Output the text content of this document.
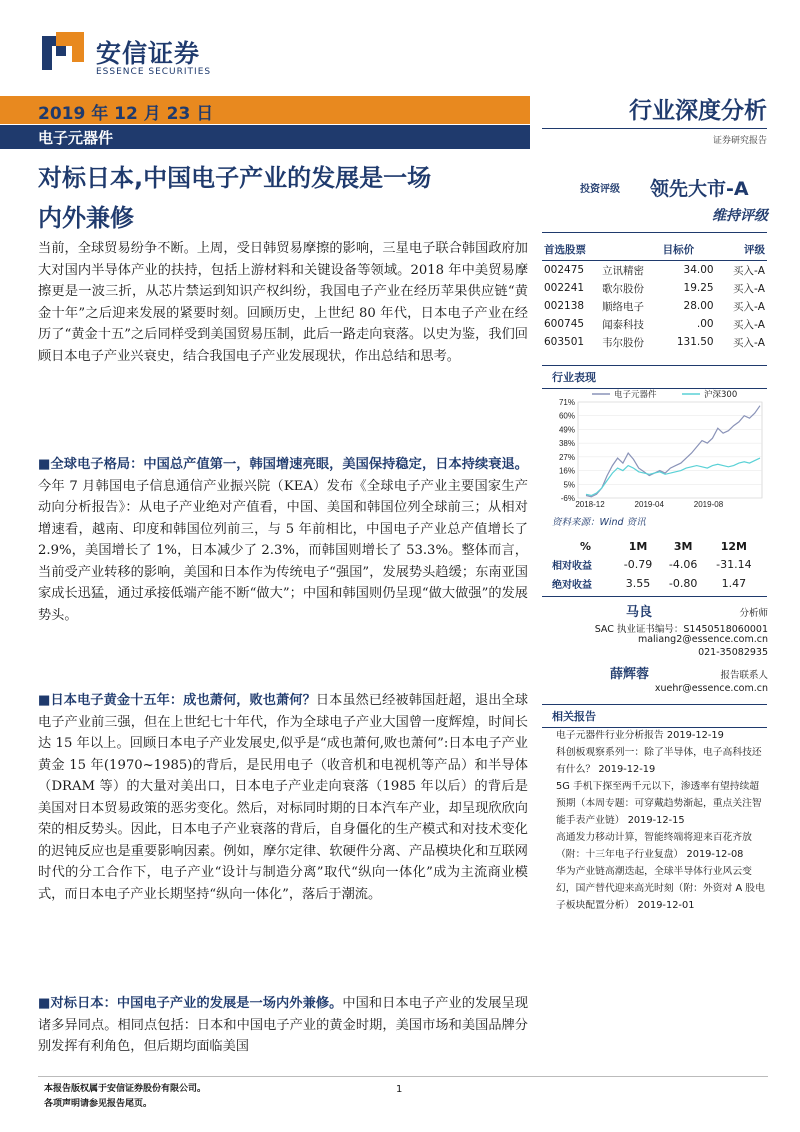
安信证券
ESSENCE SECURITIES
2019 年 12 月 23 日
电子元器件
行业深度分析
证券研究报告
对标日本,中国电子产业的发展是一场
内外兼修
当前，全球贸易纷争不断。上周，受日韩贸易摩擦的影响，三星电子联合韩国政府加大对国内半导体产业的扶持，包括上游材料和关键设备等领域。2018 年中美贸易摩擦更是一波三折，从芯片禁运到知识产权纠纷，我国电子产业在经历苹果供应链“黄金十年”之后迎来发展的紧要时刻。回顾历史，上世纪 80 年代，日本电子产业在经历了“黄金十五”之后同样受到美国贸易压制，此后一路走向衰落。以史为鉴，我们回顾日本电子产业兴衰史，结合我国电子产业发展现状，作出总结和思考。
■全球电子格局：中国总产值第一，韩国增速亮眼，美国保持稳定，日本持续衰退。今年 7 月韩国电子信息通信产业振兴院（KEA）发布《全球电子产业主要国家生产动向分析报告》：从电子产业绝对产值看，中国、美国和韩国位列全球前三；从相对增速看，越南、印度和韩国位列前三，与 5 年前相比，中国电子产业总产值增长了 2.9%，美国增长了 1%，日本减少了 2.3%，而韩国则增长了 53.3%。整体而言，当前受产业转移的影响，美国和日本作为传统电子“强国”，发展势头趋缓；东南亚国家成长迅猛，通过承接低端产能不断“做大”；中国和韩国则仍呈现“做大做强”的发展势头。
■日本电子黄金十五年：成也萧何，败也萧何？日本虽然已经被韩国赶超，退出全球电子产业前三强，但在上世纪七十年代，作为全球电子产业大国曾一度辉煌，时间长达 15 年以上。回顾日本电子产业发展史,似乎是“成也萧何,败也萧何”:日本电子产业黄金 15 年(1970~1985)的背后，是民用电子（收音机和电视机等产品）和半导体（DRAM 等）的大量对美出口，日本电子产业走向衰落（1985 年以后）的背后是美国对日本贸易政策的恶劣变化。然后，对标同时期的日本汽车产业，却呈现欣欣向荣的相反势头。因此，日本电子产业衰落的背后，自身僵化的生产模式和对技术变化的迟钝反应也是重要影响因素。例如，摩尔定律、软硬件分离、产品模块化和互联网时代的分工合作下，电子产业“设计与制造分离”取代“纵向一体化”成为主流商业模式，而日本电子产业长期坚持“纵向一体化”，落后于潮流。
■对标日本：中国电子产业的发展是一场内外兼修。中国和日本电子产业的发展呈现诸多异同点。相同点包括：日本和中国电子产业的黄金时期，美国市场和美国品牌分别发挥有利角色，但后期均面临美国
投资评级 领先大市-A
维持评级
首选股票		目标价	评级
002475	立讯精密	34.00	买入-A
002241	歌尔股份	19.25	买入-A
002138	顺络电子	28.00	买入-A
600745	闻泰科技	.00	买入-A
603501	韦尔股份	131.50	买入-A
行业表现
71%
60%
49%
38%
27%
16%
5%
-6%
2018-12	2019-04	2019-08
电子元器件	沪深300
资料来源：Wind 资讯
%	1M	3M	12M
相对收益	-0.79	-4.06	-31.14
绝对收益	3.55	-0.80	1.47
马良	分析师
SAC 执业证书编号：S1450518060001
maliang2@essence.com.cn
021-35082935
薛辉蓉	报告联系人
xuehr@essence.com.cn
相关报告
电子元器件行业分析报告 2019-12-19
科创板观察系列一：除了半导体，电子高科技还有什么？ 2019-12-19
5G 手机下探至两千元以下，渗透率有望持续超预期（本周专题：可穿戴趋势渐起，重点关注智能手表产业链） 2019-12-15
高通发力移动计算，智能终端将迎来百花齐放（附：十三年电子行业复盘） 2019-12-08
华为产业链高潮迭起，全球半导体行业风云变幻，国产替代迎来高光时刻（附：外资对 A 股电子板块配置分析） 2019-12-01
本报告版权属于安信证券股份有限公司。
各项声明请参见报告尾页。
1
